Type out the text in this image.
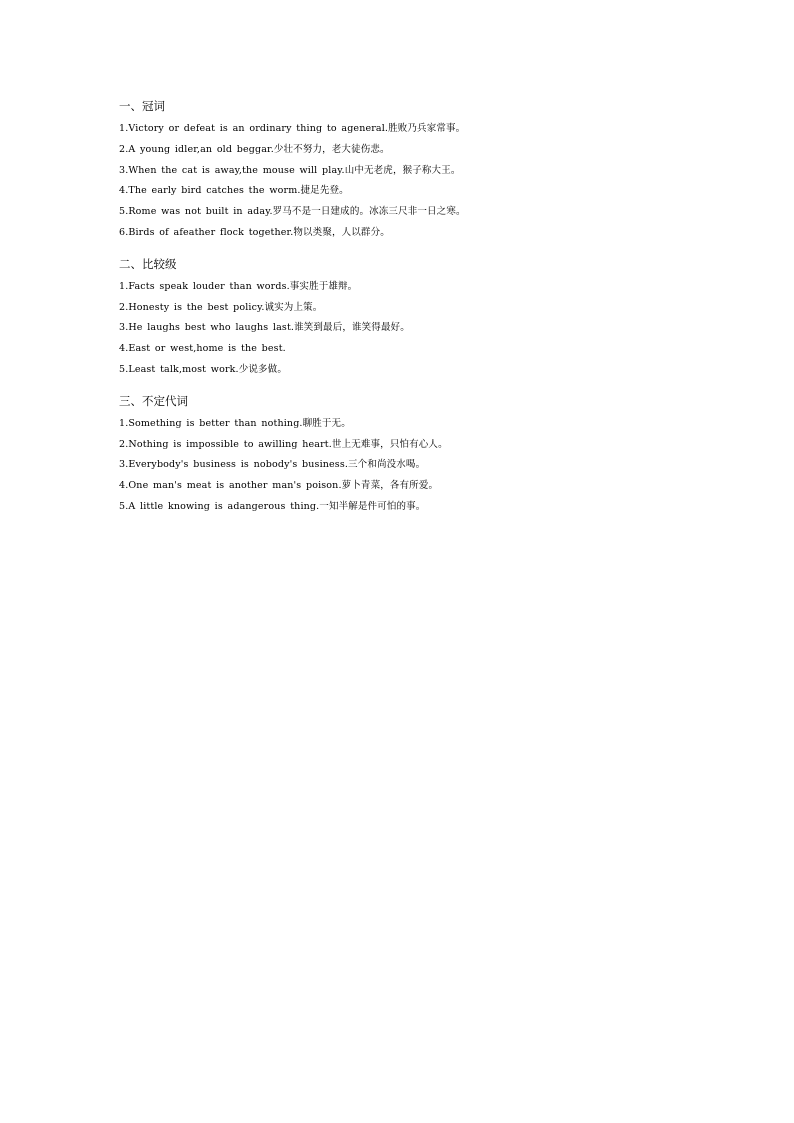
一、冠词
1.Victory or defeat is an ordinary thing to ageneral.胜败乃兵家常事。
2.A young idler,an old beggar.少壮不努力，老大徒伤悲。
3.When the cat is away,the mouse will play.山中无老虎，猴子称大王。
4.The early bird catches the worm.捷足先登。
5.Rome was not built in aday.罗马不是一日建成的。冰冻三尺非一日之寒。
6.Birds of afeather flock together.物以类聚，人以群分。
二、比较级
1.Facts speak louder than words.事实胜于雄辩。
2.Honesty is the best policy.诚实为上策。
3.He laughs best who laughs last.谁笑到最后，谁笑得最好。
4.East or west,home is the best.
5.Least talk,most work.少说多做。
三、不定代词
1.Something is better than nothing.聊胜于无。
2.Nothing is impossible to awilling heart.世上无难事，只怕有心人。
3.Everybody's business is nobody's business.三个和尚没水喝。
4.One man's meat is another man's poison.萝卜青菜，各有所爱。
5.A little knowing is adangerous thing.一知半解是件可怕的事。
